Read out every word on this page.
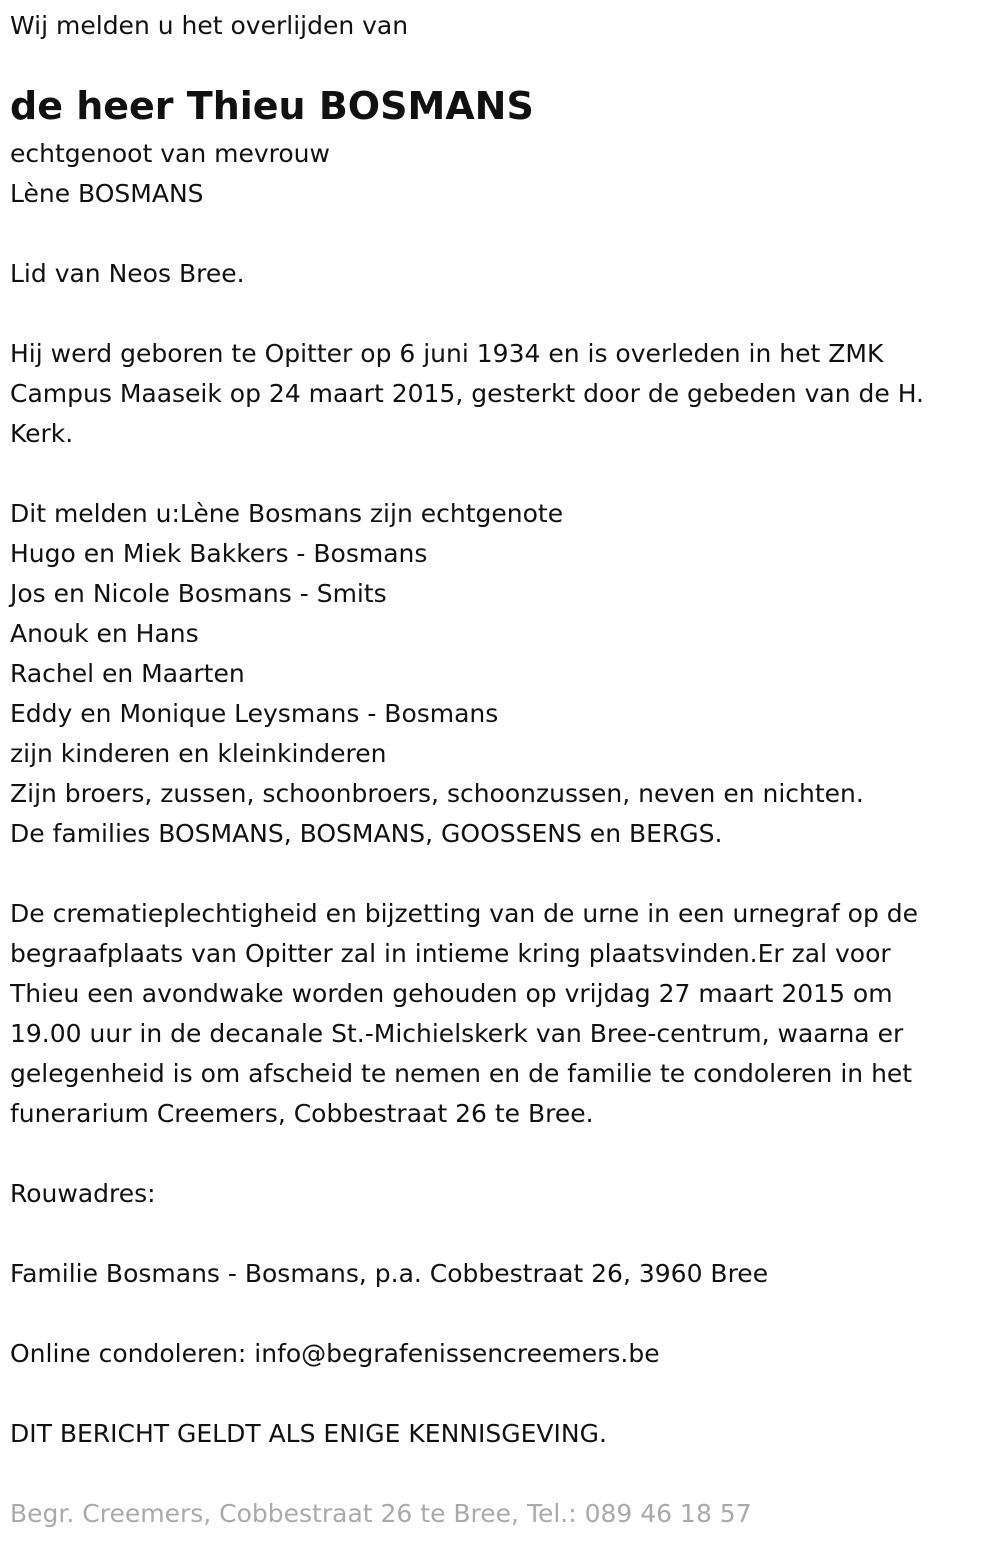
Wij melden u het overlijden van
de heer Thieu BOSMANS
echtgenoot van mevrouw
Lène BOSMANS
Lid van Neos Bree.
Hij werd geboren te Opitter op 6 juni 1934 en is overleden in het ZMK
Campus Maaseik op 24 maart 2015, gesterkt door de gebeden van de H.
Kerk.
Dit melden u:Lène Bosmans zijn echtgenote
Hugo en Miek Bakkers - Bosmans
Jos en Nicole Bosmans - Smits
Anouk en Hans
Rachel en Maarten
Eddy en Monique Leysmans - Bosmans
zijn kinderen en kleinkinderen
Zijn broers, zussen, schoonbroers, schoonzussen, neven en nichten.
De families BOSMANS, BOSMANS, GOOSSENS en BERGS.
De crematieplechtigheid en bijzetting van de urne in een urnegraf op de
begraafplaats van Opitter zal in intieme kring plaatsvinden.Er zal voor
Thieu een avondwake worden gehouden op vrijdag 27 maart 2015 om
19.00 uur in de decanale St.-Michielskerk van Bree-centrum, waarna er
gelegenheid is om afscheid te nemen en de familie te condoleren in het
funerarium Creemers, Cobbestraat 26 te Bree.
Rouwadres:
Familie Bosmans - Bosmans, p.a. Cobbestraat 26, 3960 Bree
Online condoleren: info@begrafenissencreemers.be
DIT BERICHT GELDT ALS ENIGE KENNISGEVING.
Begr. Creemers, Cobbestraat 26 te Bree, Tel.: 089 46 18 57
